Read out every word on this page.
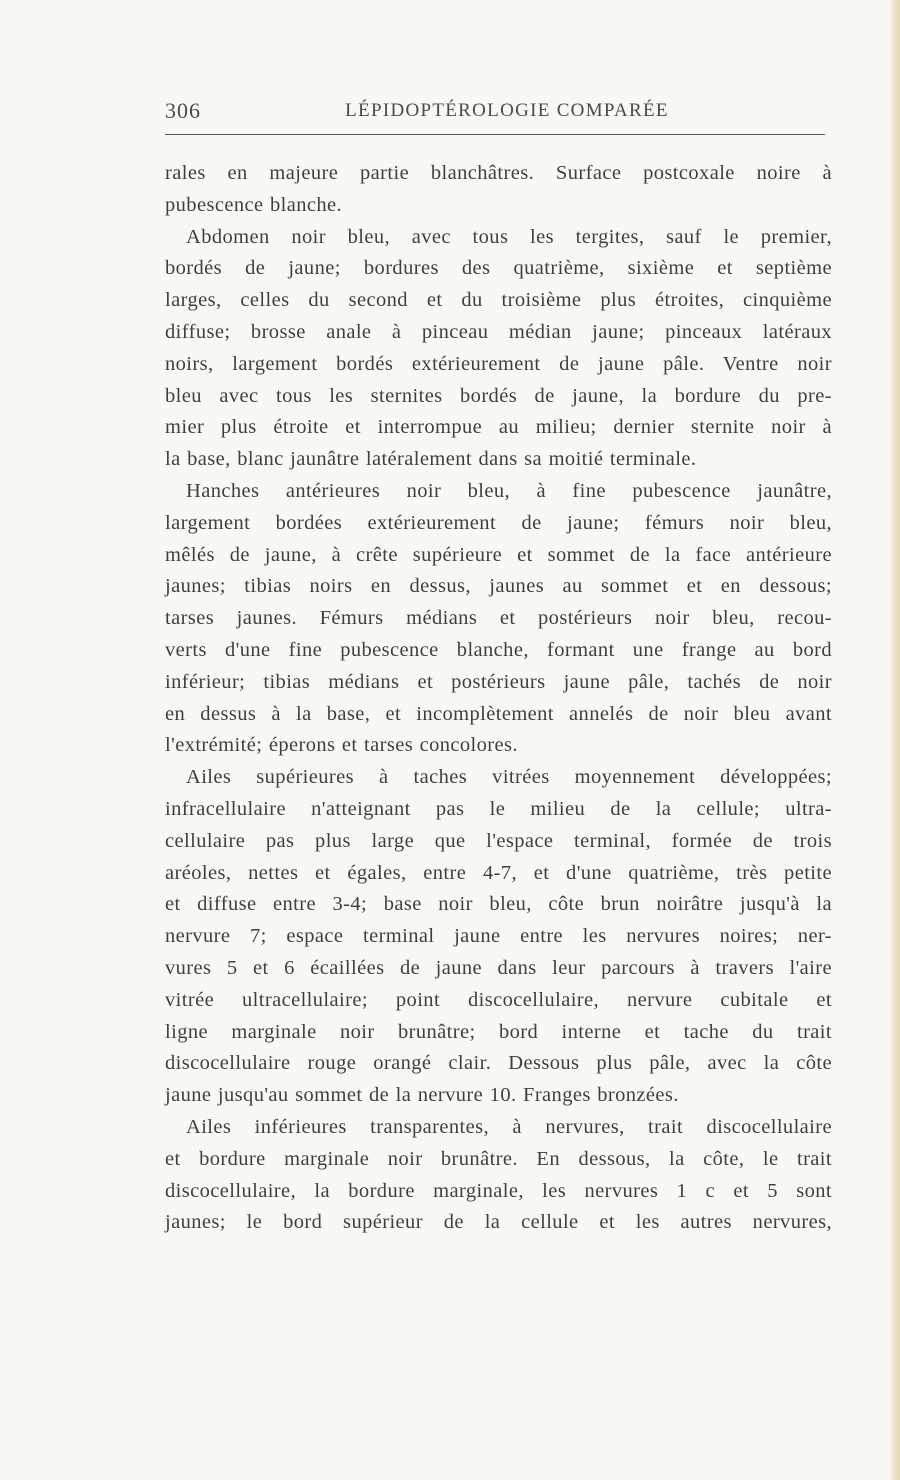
306	LÉPIDOPTÉROLOGIE COMPARÉE

rales en majeure partie blanchâtres. Surface postcoxale noire à
pubescence blanche.

Abdomen noir bleu, avec tous les tergites, sauf le premier,
bordés de jaune; bordures des quatrième, sixième et septième
larges, celles du second et du troisième plus étroites, cinquième
diffuse; brosse anale à pinceau médian jaune; pinceaux latéraux
noirs, largement bordés extérieurement de jaune pâle. Ventre noir
bleu avec tous les sternites bordés de jaune, la bordure du pre-
mier plus étroite et interrompue au milieu; dernier sternite noir à
la base, blanc jaunâtre latéralement dans sa moitié terminale.

Hanches antérieures noir bleu, à fine pubescence jaunâtre,
largement bordées extérieurement de jaune; fémurs noir bleu,
mêlés de jaune, à crête supérieure et sommet de la face antérieure
jaunes; tibias noirs en dessus, jaunes au sommet et en dessous;
tarses jaunes. Fémurs médians et postérieurs noir bleu, recou-
verts d'une fine pubescence blanche, formant une frange au bord
inférieur; tibias médians et postérieurs jaune pâle, tachés de noir
en dessus à la base, et incomplètement annelés de noir bleu avant
l'extrémité; éperons et tarses concolores.

Ailes supérieures à taches vitrées moyennement développées;
infracellulaire n'atteignant pas le milieu de la cellule; ultra-
cellulaire pas plus large que l'espace terminal, formée de trois
aréoles, nettes et égales, entre 4-7, et d'une quatrième, très petite
et diffuse entre 3-4; base noir bleu, côte brun noirâtre jusqu'à la
nervure 7; espace terminal jaune entre les nervures noires; ner-
vures 5 et 6 écaillées de jaune dans leur parcours à travers l'aire
vitrée ultracellulaire; point discocellulaire, nervure cubitale et
ligne marginale noir brunâtre; bord interne et tache du trait
discocellulaire rouge orangé clair. Dessous plus pâle, avec la côte
jaune jusqu'au sommet de la nervure 10. Franges bronzées.

Ailes inférieures transparentes, à nervures, trait discocellulaire
et bordure marginale noir brunâtre. En dessous, la côte, le trait
discocellulaire, la bordure marginale, les nervures 1 c et 5 sont
jaunes; le bord supérieur de la cellule et les autres nervures,
